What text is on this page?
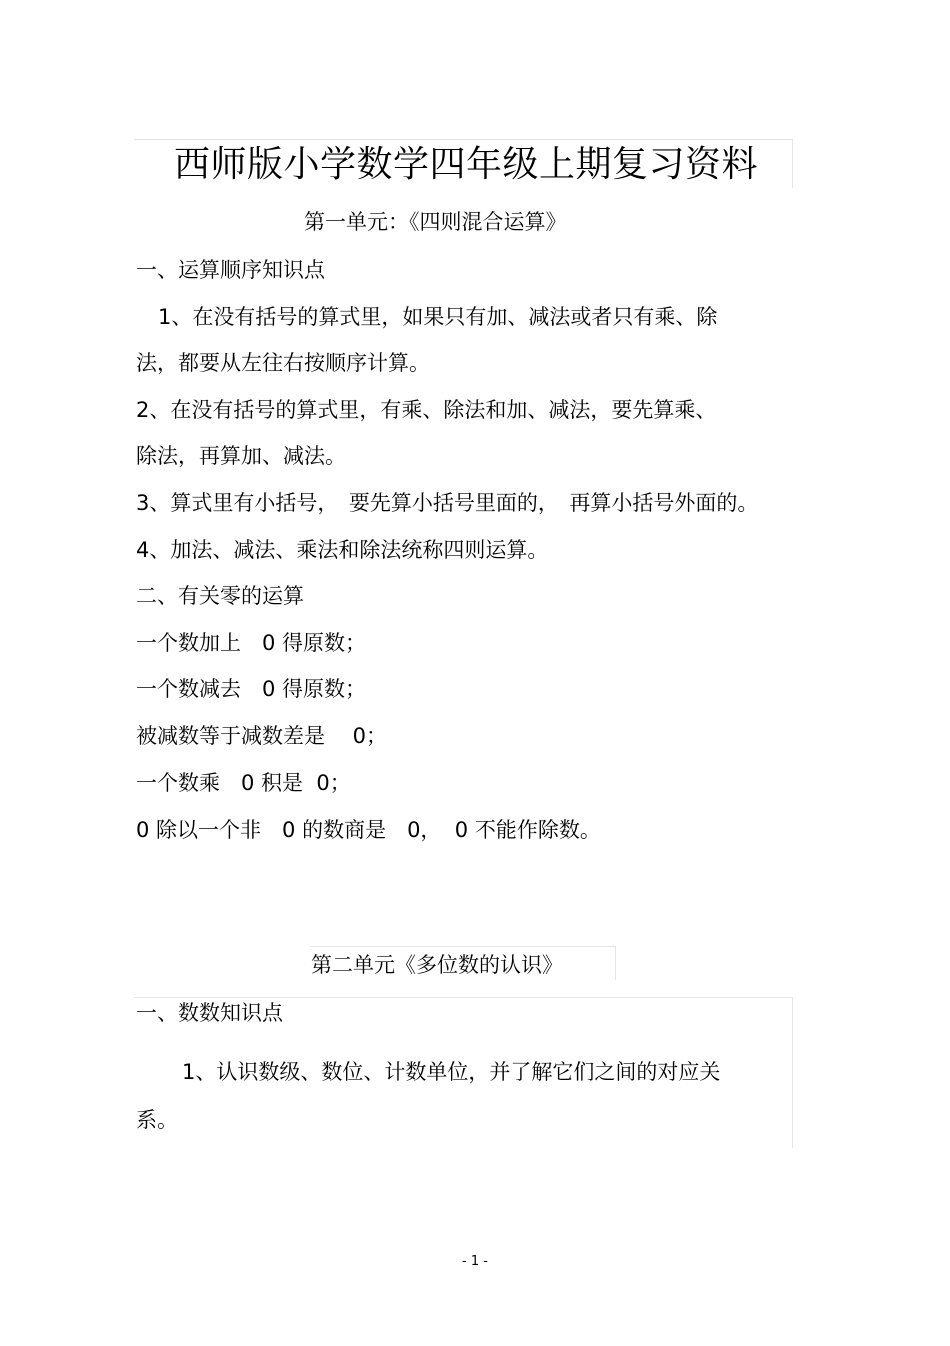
西师版小学数学四年级上期复习资料
第一单元：《四则混合运算》
一、运算顺序知识点
1、在没有括号的算式里，如果只有加、减法或者只有乘、除
法，都要从左往右按顺序计算。
2、在没有括号的算式里，有乘、除法和加、减法，要先算乘、
除法，再算加、减法。
3、算式里有小括号，　要先算小括号里面的，　再算小括号外面的。
4、加法、减法、乘法和除法统称四则运算。
二、有关零的运算
一个数加上　0 得原数；
一个数减去　0 得原数；
被减数等于减数差是　 0；
一个数乘　0 积是  0；
0 除以一个非　0 的数商是　0，  0 不能作除数。
第二单元《多位数的认识》
一、数数知识点
1、认识数级、数位、计数单位，并了解它们之间的对应关
系。
- 1 -
